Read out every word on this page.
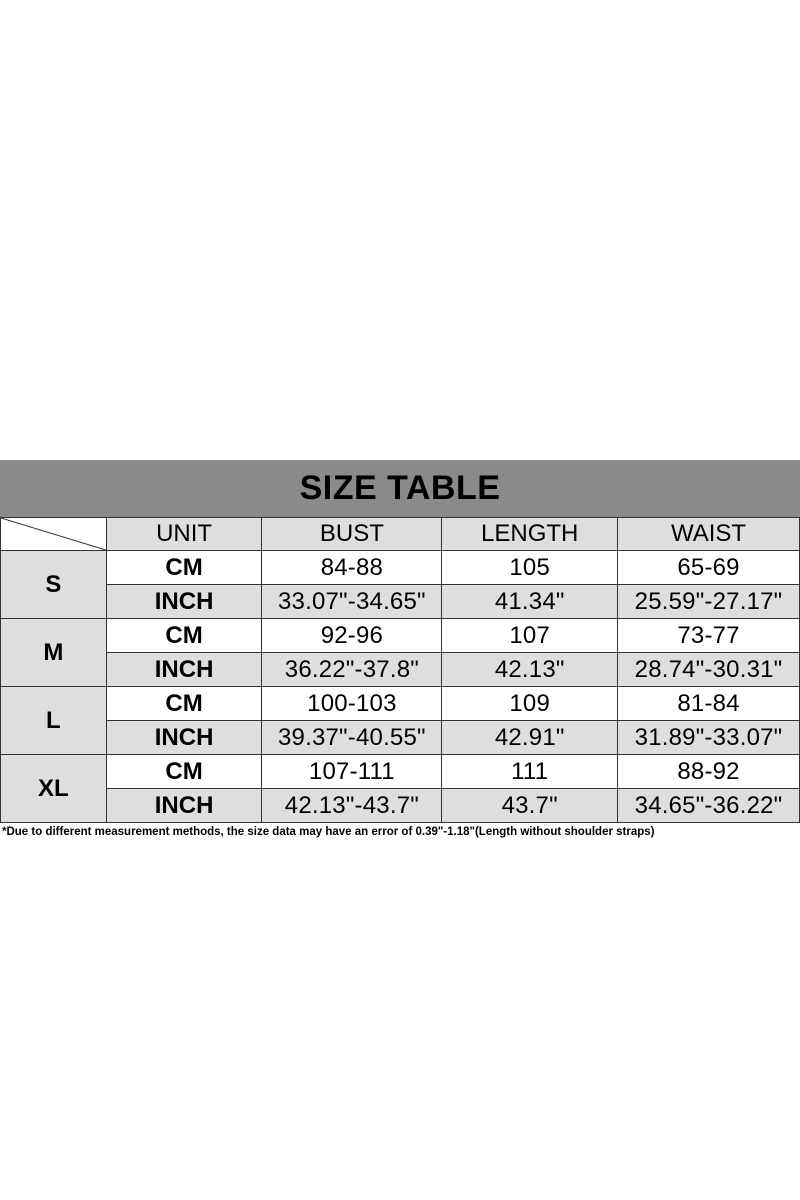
SIZE TABLE
	UNIT	BUST	LENGTH	WAIST
S	CM	84-88	105	65-69
	INCH	33.07"-34.65"	41.34"	25.59"-27.17"
M	CM	92-96	107	73-77
	INCH	36.22"-37.8"	42.13"	28.74"-30.31"
L	CM	100-103	109	81-84
	INCH	39.37"-40.55"	42.91"	31.89"-33.07"
XL	CM	107-111	111	88-92
	INCH	42.13"-43.7"	43.7"	34.65"-36.22"
*Due to different measurement methods, the size data may have an error of 0.39"-1.18"(Length without shoulder straps)
